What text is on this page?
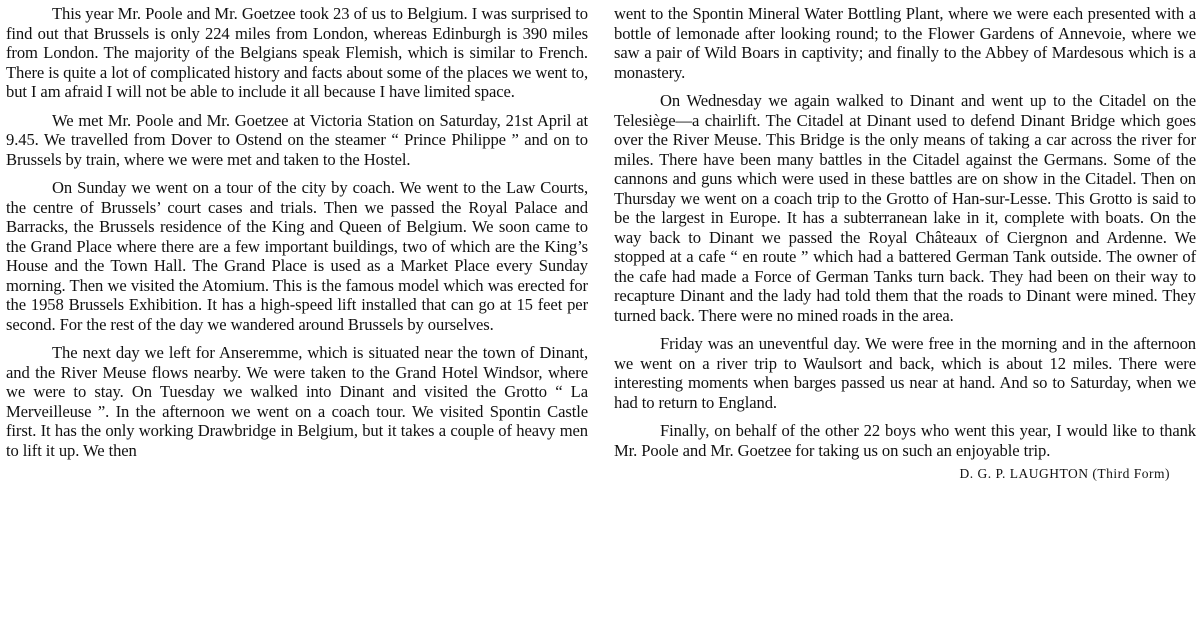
This year Mr. Poole and Mr. Goetzee took 23 of us to Belgium. I was surprised to find out that Brussels is only 224 miles from London, whereas Edinburgh is 390 miles from London. The majority of the Belgians speak Flemish, which is similar to French. There is quite a lot of complicated history and facts about some of the places we went to, but I am afraid I will not be able to include it all because I have limited space.

We met Mr. Poole and Mr. Goetzee at Victoria Station on Saturday, 21st April at 9.45. We travelled from Dover to Ostend on the steamer “ Prince Philippe ” and on to Brussels by train, where we were met and taken to the Hostel.

On Sunday we went on a tour of the city by coach. We went to the Law Courts, the centre of Brussels’ court cases and trials. Then we passed the Royal Palace and Barracks, the Brussels residence of the King and Queen of Belgium. We soon came to the Grand Place where there are a few important buildings, two of which are the King’s House and the Town Hall. The Grand Place is used as a Market Place every Sunday morning. Then we visited the Atomium. This is the famous model which was erected for the 1958 Brussels Exhibition. It has a high-speed lift installed that can go at 15 feet per second. For the rest of the day we wandered around Brussels by ourselves.

The next day we left for Anseremme, which is situated near the town of Dinant, and the River Meuse flows nearby. We were taken to the Grand Hotel Windsor, where we were to stay. On Tuesday we walked into Dinant and visited the Grotto “ La Merveilleuse ”. In the afternoon we went on a coach tour. We visited Spontin Castle first. It has the only working Drawbridge in Belgium, but it takes a couple of heavy men to lift it up. We then

went to the Spontin Mineral Water Bottling Plant, where we were each presented with a bottle of lemonade after looking round; to the Flower Gardens of Annevoie, where we saw a pair of Wild Boars in captivity; and finally to the Abbey of Mardesous which is a monastery.

On Wednesday we again walked to Dinant and went up to the Citadel on the Telesiège—a chairlift. The Citadel at Dinant used to defend Dinant Bridge which goes over the River Meuse. This Bridge is the only means of taking a car across the river for miles. There have been many battles in the Citadel against the Germans. Some of the cannons and guns which were used in these battles are on show in the Citadel. Then on Thursday we went on a coach trip to the Grotto of Han-sur-Lesse. This Grotto is said to be the largest in Europe. It has a subterranean lake in it, complete with boats. On the way back to Dinant we passed the Royal Châteaux of Ciergnon and Ardenne. We stopped at a cafe “ en route ” which had a battered German Tank outside. The owner of the cafe had made a Force of German Tanks turn back. They had been on their way to recapture Dinant and the lady had told them that the roads to Dinant were mined. They turned back. There were no mined roads in the area.

Friday was an uneventful day. We were free in the morning and in the afternoon we went on a river trip to Waulsort and back, which is about 12 miles. There were interesting moments when barges passed us near at hand. And so to Saturday, when we had to return to England.

Finally, on behalf of the other 22 boys who went this year, I would like to thank Mr. Poole and Mr. Goetzee for taking us on such an enjoyable trip.

D. G. P. LAUGHTON (Third Form)
